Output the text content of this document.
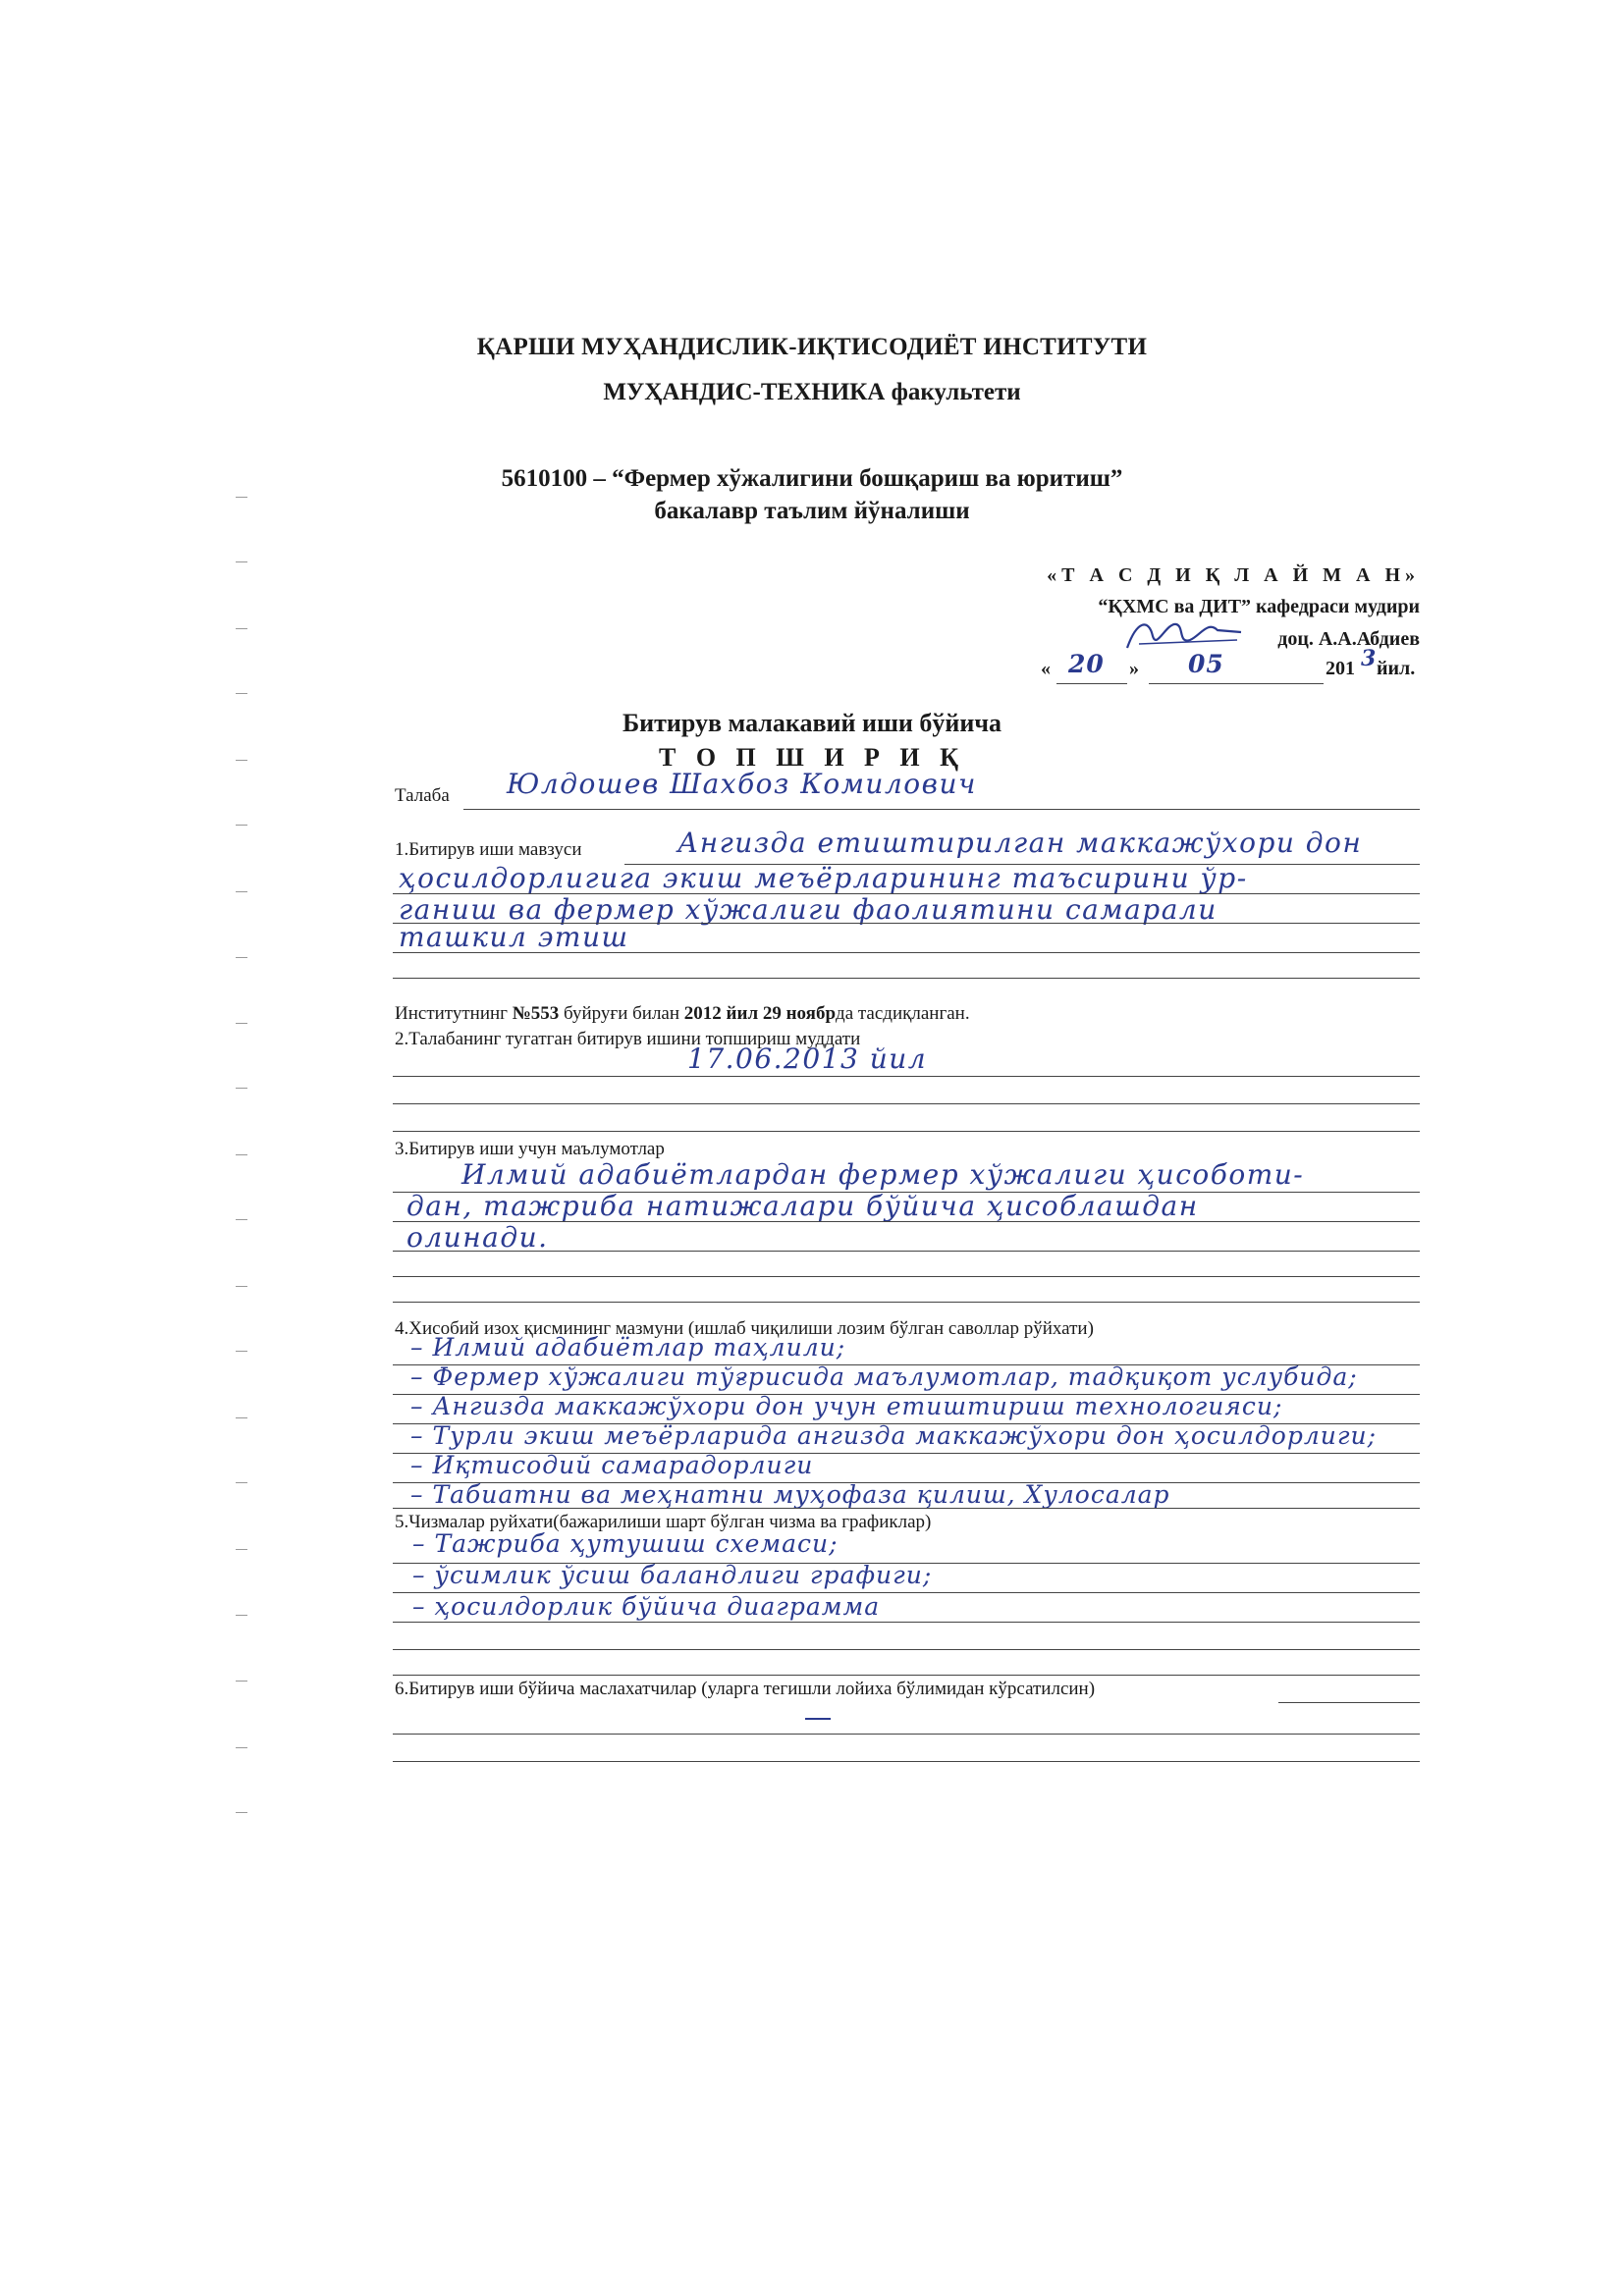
ҚАРШИ МУҲАНДИСЛИК-ИҚТИСОДИЁТ ИНСТИТУТИ
МУҲАНДИС-ТЕХНИКА факультети
5610100 – “Фермер хўжалигини бошқариш ва юритиш”
бакалавр таълим йўналиши
«Т А С Д И Қ Л А Й М А Н»
“ҚХМС ва ДИТ” кафедраси мудири
доц. А.А.Абдиев
« 20 » 05	201 3 йил.
Битирув малакавий иши бўйича
Т О П Ш И Р И Қ
Талаба Юлдошев Шахбоз Комилович
1.Битирув иши мавзуси	Ангизда етиштирилган маккажўхори дон
ҳосилдорлигига экиш меъёрларининг таъсирини ўр-
ганиш ва фермер хўжалиги фаолиятини самарали
ташкил этиш
Институтнинг №553 буйруғи билан 2012 йил 29 ноябрда тасдиқланган.
2.Талабанинг тугатган битирув ишини топшириш муддати
17.06.2013 йил
3.Битирув иши учун маълумотлар
Илмий адабиётлардан фермер хўжалиги ҳисоботи-
дан, тажриба натижалари бўйича ҳисоблашдан
олинади.
4.Хисобий изох қисмининг мазмуни (ишлаб чиқилиши лозим бўлган саволлар рўйхати)
– Илмий адабиётлар таҳлили;
– Фермер хўжалиги тўғрисида маълумотлар, тадқиқот услубида;
– Ангизда маккажўхори дон учун етиштириш технологияси;
– Турли экиш меъёрларида ангизда маккажўхори дон ҳосилдорлиги;
– Иқтисодий самарадорлиги
– Табиатни ва меҳнатни муҳофаза қилиш, Хулосалар
5.Чизмалар руйхати(бажарилиши шарт бўлган чизма ва графиклар)
– Тажриба ҳутушиш схемаси;
– ўсимлик ўсиш баландлиги графиги;
– ҳосилдорлик бўйича диаграмма
6.Битирув иши бўйича маслахатчилар (уларга тегишли лойиха бўлимидан кўрсатилсин)
